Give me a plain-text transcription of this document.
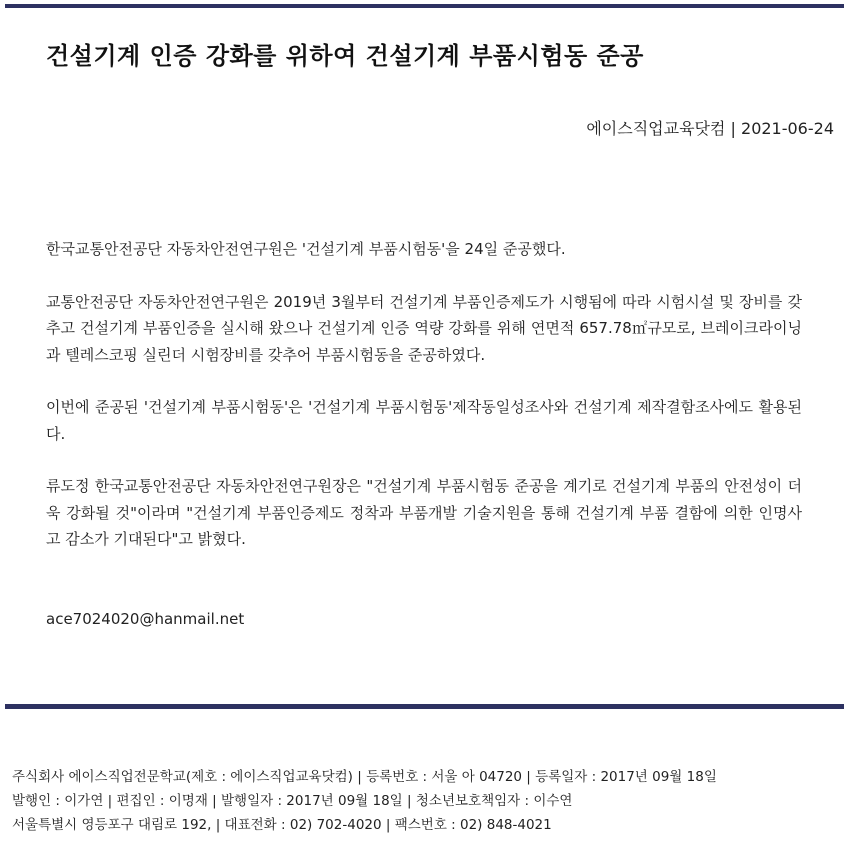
건설기계 인증 강화를 위하여 건설기계 부품시험동 준공
에이스직업교육닷컴 | 2021-06-24

한국교통안전공단 자동차안전연구원은 '건설기계 부품시험동'을 24일 준공했다.

교통안전공단 자동차안전연구원은 2019년 3월부터 건설기계 부품인증제도가 시행됨에 따라 시험시설 및 장비를 갖추고 건설기계 부품인증을 실시해 왔으나 건설기계 인증 역량 강화를 위해 연면적 657.78㎡규모로, 브레이크라이닝과 텔레스코핑 실린더 시험장비를 갖추어 부품시험동을 준공하였다.

이번에 준공된 '건설기계 부품시험동'은 '건설기계 부품시험동'제작동일성조사와 건설기계 제작결함조사에도 활용된다.

류도정 한국교통안전공단 자동차안전연구원장은 "건설기계 부품시험동 준공을 계기로 건설기계 부품의 안전성이 더욱 강화될 것"이라며 "건설기계 부품인증제도 정착과 부품개발 기술지원을 통해 건설기계 부품 결함에 의한 인명사고 감소가 기대된다"고 밝혔다.

ace7024020@hanmail.net
주식회사 에이스직업전문학교(제호 : 에이스직업교육닷컴) | 등록번호 : 서울 아 04720 | 등록일자 : 2017년 09월 18일
발행인 : 이가연 | 편집인 : 이명재 | 발행일자 : 2017년 09월 18일 | 청소년보호책임자 : 이수연
서울특별시 영등포구 대림로 192, | 대표전화 : 02) 702-4020 | 팩스번호 : 02) 848-4021
